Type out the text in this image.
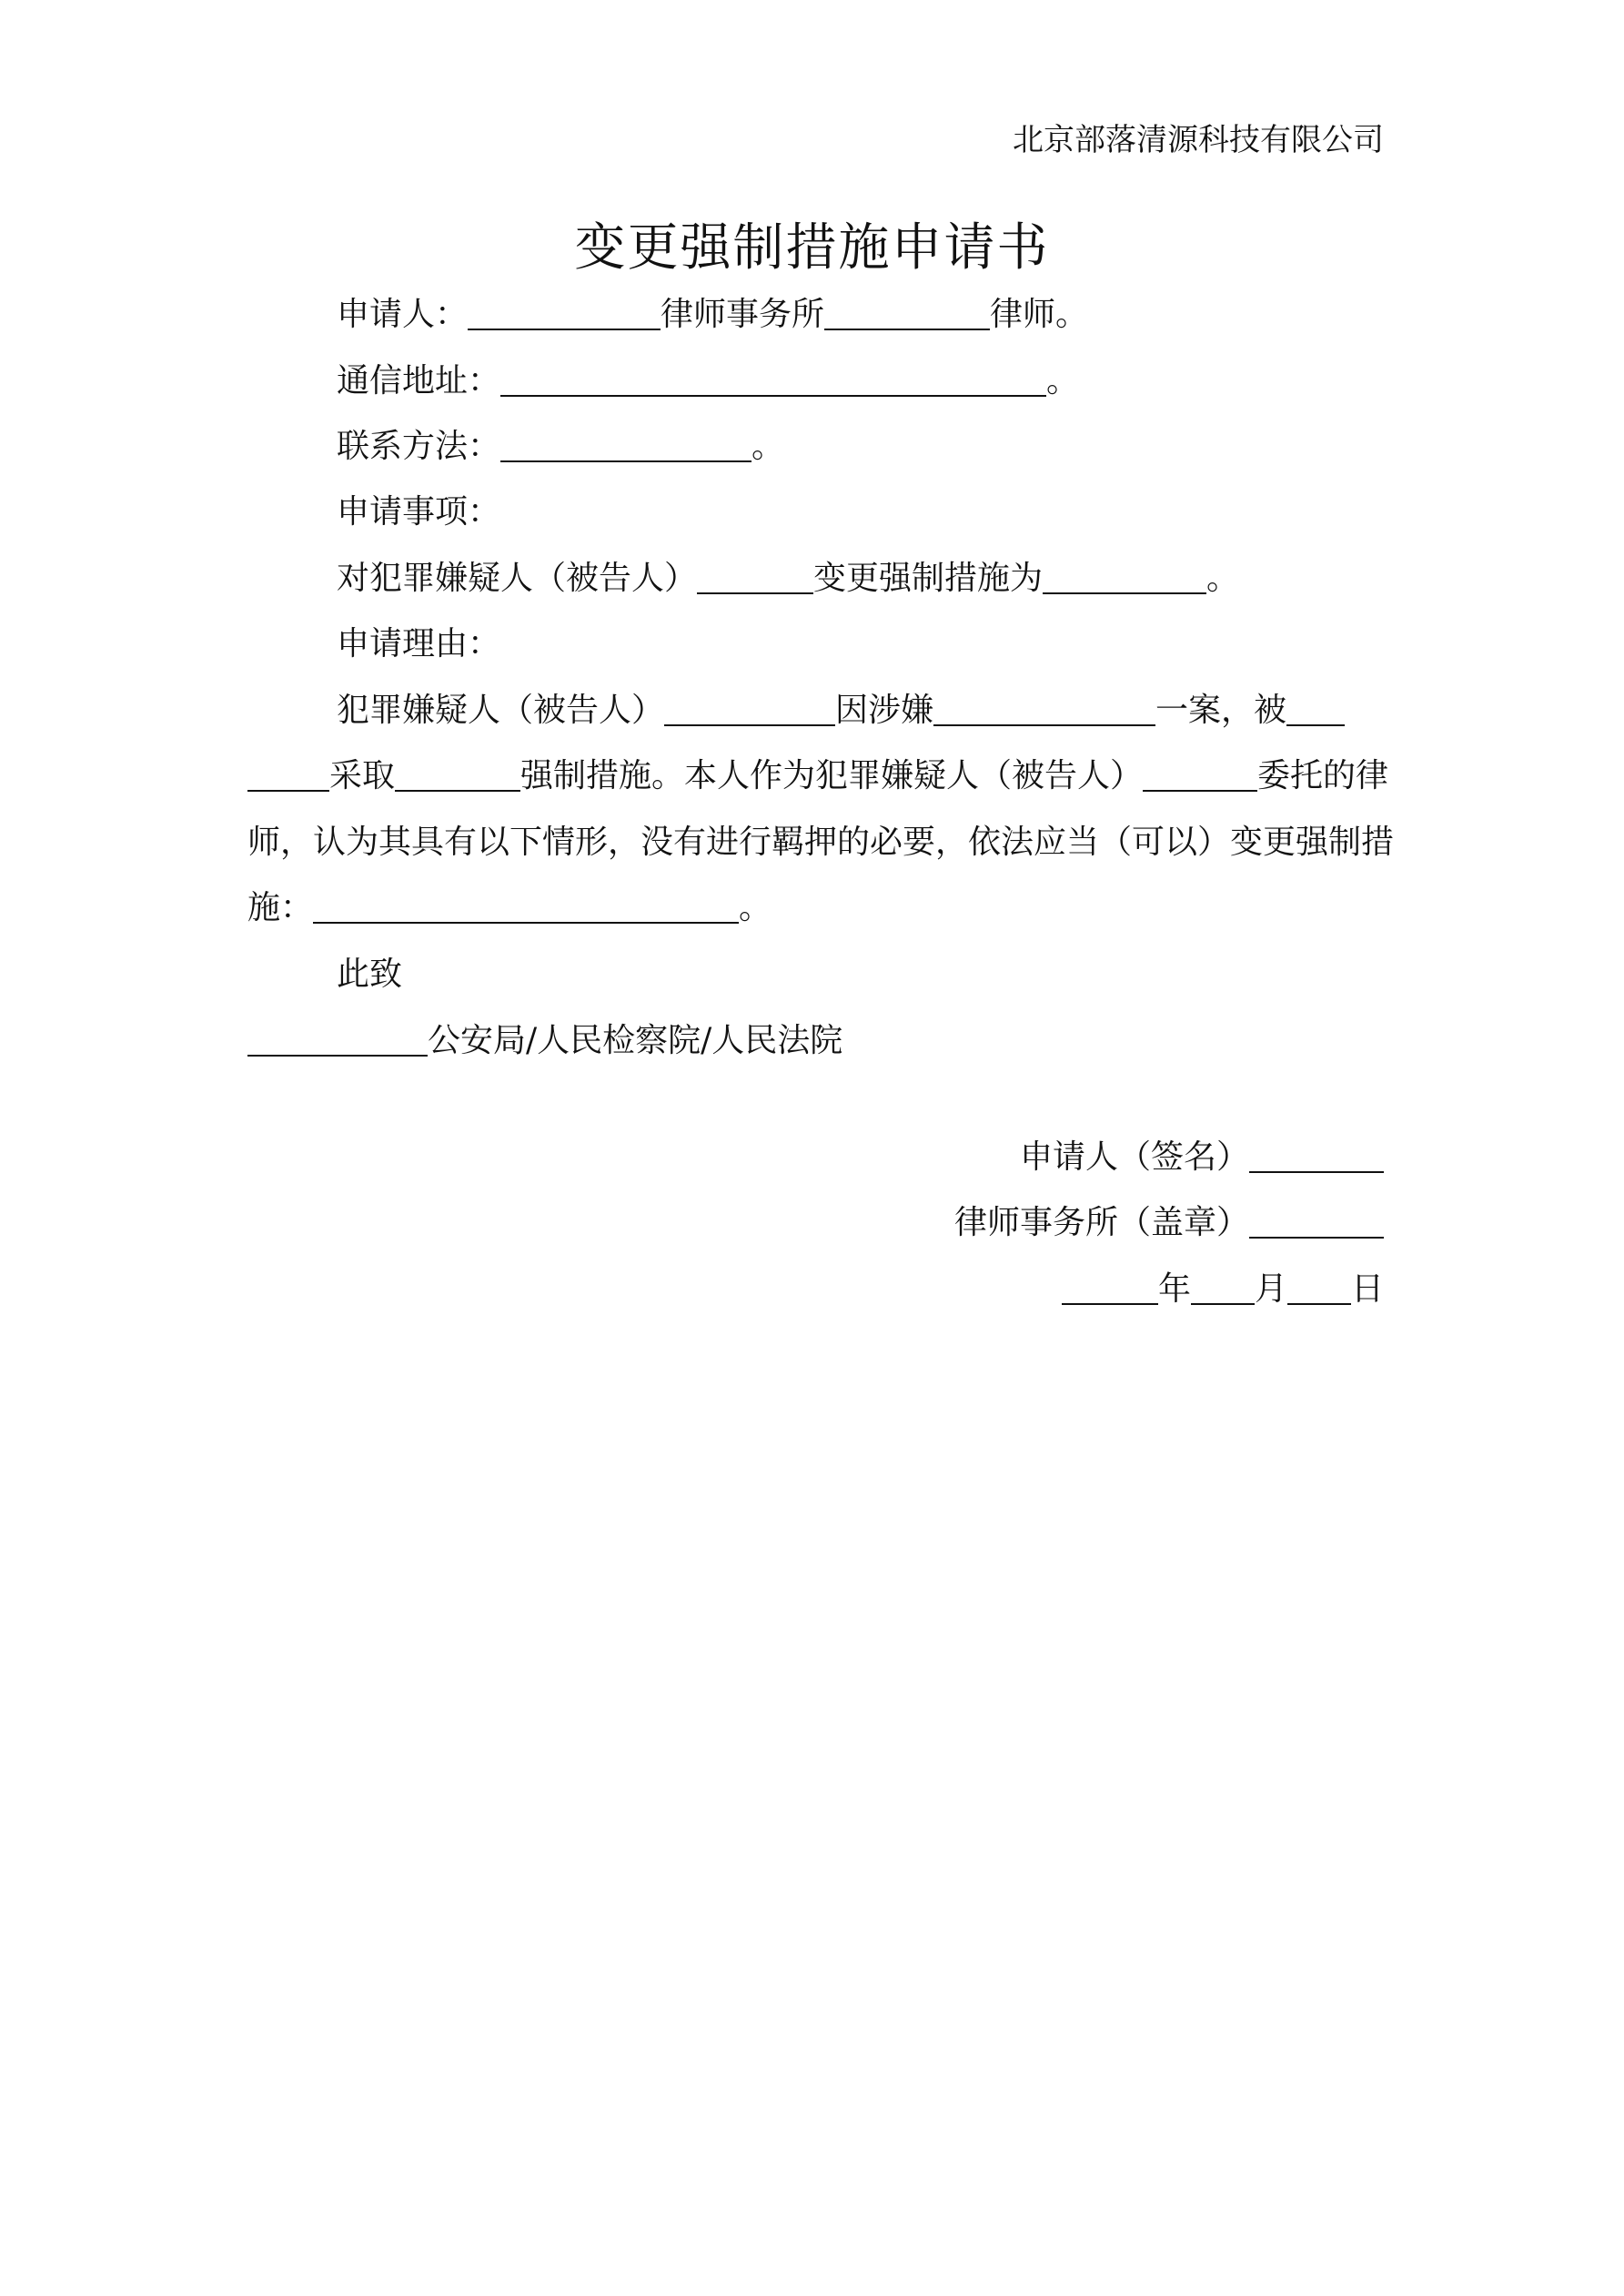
北京部落清源科技有限公司
变更强制措施申请书
申请人：	律师事务所	律师。
通信地址：	。
联系方法：	。
申请事项：
对犯罪嫌疑人（被告人）	变更强制措施为	。
申请理由：
犯罪嫌疑人（被告人）	因涉嫌	一案，被
采取	强制措施。本人作为犯罪嫌疑人（被告人）	委托的律
师，认为其具有以下情形，没有进行羁押的必要，依法应当（可以）变更强制措
施：	。
此致
公安局/人民检察院/人民法院
申请人（签名）
律师事务所（盖章）
年 月 日
